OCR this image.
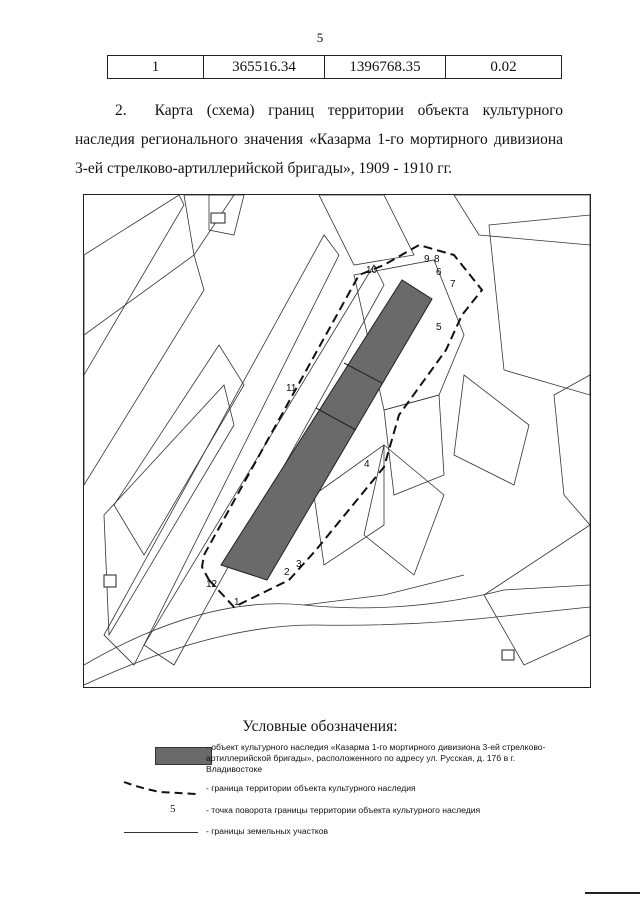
5
1	365516.34	1396768.35	0.02
2. Карта (схема) границ территории объекта культурного наследия регионального значения «Казарма 1-го мортирного дивизиона 3-ей стрелково-артиллерийской бригады», 1909 - 1910 гг.
1
2
3
4
5
6
7
8
9
10
11
12
Условные обозначения:
- объект культурного наследия «Казарма 1-го мортирного дивизиона 3-ей стрелково-артиллерийской бригады», расположенного по адресу ул. Русская, д. 17б в г. Владивостоке
- граница территории объекта культурного наследия
5	- точка поворота границы территории объекта культурного наследия
- границы земельных участков
